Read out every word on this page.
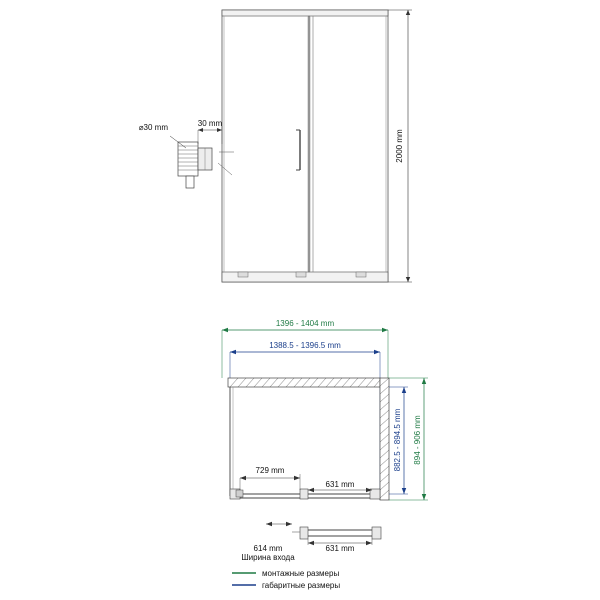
2000 mm
⌀30 mm	30 mm
1396 - 1404 mm
1388.5 - 1396.5 mm
729 mm
631 mm
882.5 - 894.5 mm 894 - 906 mm
631 mm
614 mm
Ширина входа
монтажные размеры
габаритные размеры
